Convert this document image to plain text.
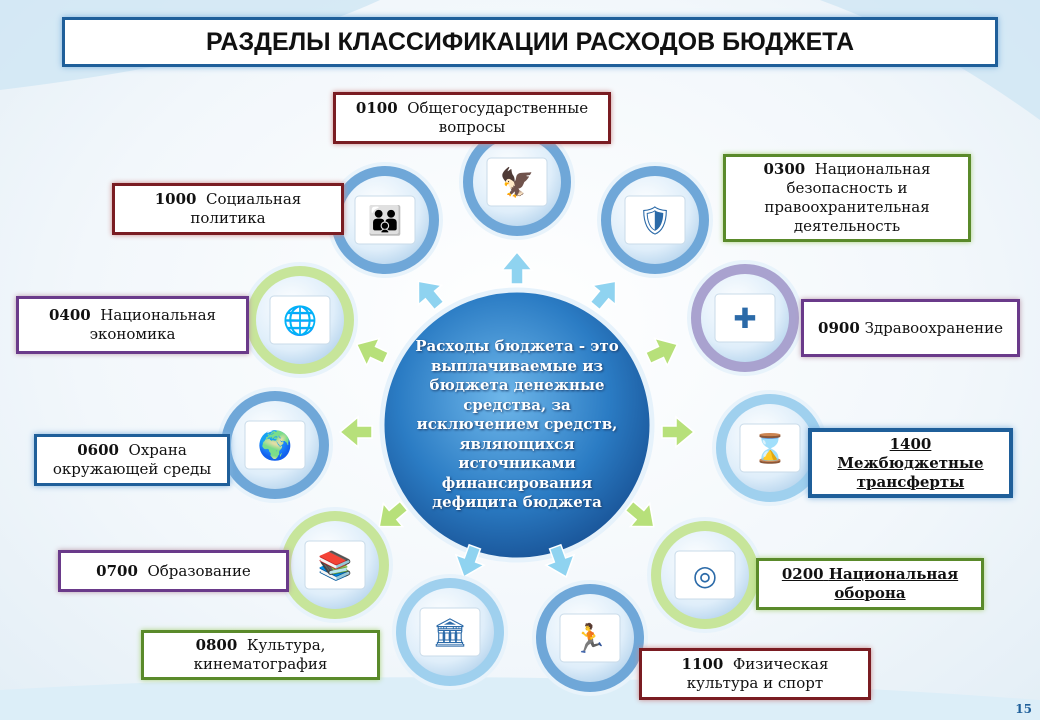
🦅
🛡
✚
⌛
◎
🏃
🏛
📚
🌍
🌐
👪
РАЗДЕЛЫ КЛАССИФИКАЦИИ РАСХОДОВ БЮДЖЕТА
Расходы бюджета - это выплачиваемые из бюджета денежные средства, за исключением средств, являющихся источниками финансирования дефицита бюджета
0100 Общегосударственные вопросы
0300 Национальная безопасность и правоохранительная деятельность
0900 Здравоохранение
1400 Межбюджетные трансферты
0200 Национальная оборона
1100 Физическая культура и спорт
0800 Культура, кинематография
0700 Образование
0600 Охрана окружающей среды
0400 Национальная экономика
1000 Социальная политика
15
